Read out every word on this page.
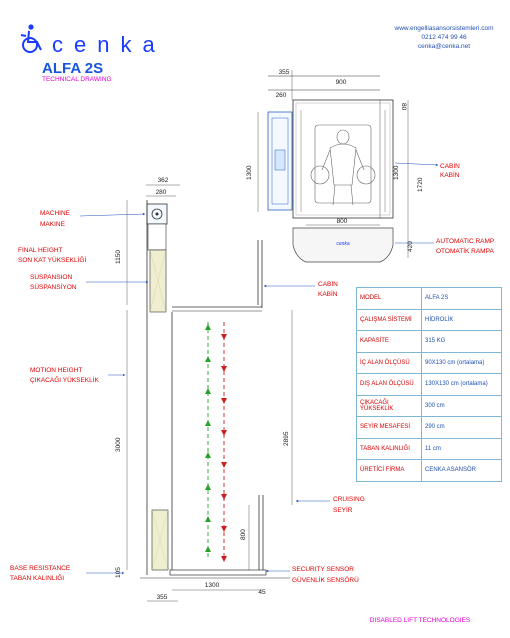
cenka
ALFA 2S
TECHNICAL DRAWING
www.engelliasansorsistemleri.com
0212 474 99 46
cenka@cenka.net
355
900
260
80
1300	1300
1720
800
cenka	420
CABIN
KABİN
AUTOMATIC RAMP
OTOMATİK RAMPA
362
280
1150
3000
105
2895
800
1300
355
45
MACHINE
MAKINE
FINAL HEIGHT
SON KAT YÜKSEKLİĞİ
SUSPANSION
SÜSPANSİYON
MOTION HEIGHT
ÇIKACAĞI YÜKSEKLİK
BASE RESISTANCE
TABAN KALINLIĞI
CABIN
KABİN
CRUISING
SEYİR
SECURITY SENSOR
GÜVENLİK SENSÖRÜ
DISABLED LIFT TECHNOLOGIES
MODEL	ALFA 2S
ÇALIŞMA SİSTEMİ	HİDROLİK
KAPASİTE	315 KG
İÇ ALAN ÖLÇÜSÜ	90X130 cm (ortalama)
DIŞ ALAN ÖLÇÜSÜ	130X130 cm (ortalama)
ÇIKACAĞI YÜKSEKLİK	300 cm
SEYİR MESAFESİ	290 cm
TABAN KALINLIĞI	11 cm
ÜRETİCİ FİRMA	CENKA ASANSÖR
